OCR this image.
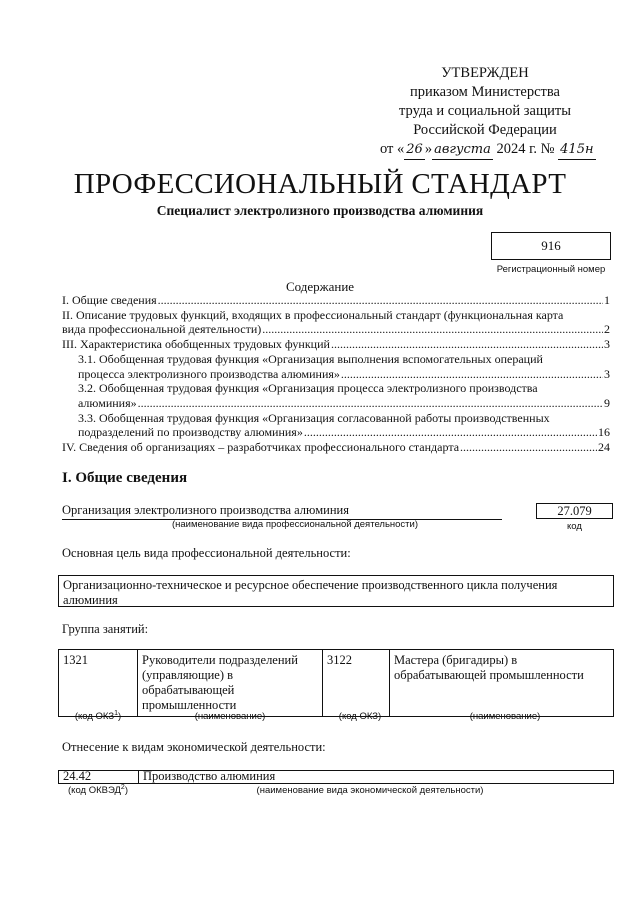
УТВЕРЖДЕН
приказом Министерства
труда и социальной защиты
Российской Федерации
от « 26 » августа 2024 г. № 415н
ПРОФЕССИОНАЛЬНЫЙ СТАНДАРТ
Специалист электролизного производства алюминия
916
Регистрационный номер
Содержание
I. Общие сведения .....	1
II. Описание трудовых функций, входящих в профессиональный стандарт (функциональная карта
вида профессиональной деятельности) .....	2
III. Характеристика обобщенных трудовых функций .....	3
3.1. Обобщенная трудовая функция «Организация выполнения вспомогательных операций
процесса электролизного производства алюминия» .....	3
3.2. Обобщенная трудовая функция «Организация процесса электролизного производства
алюминия» .....	9
3.3. Обобщенная трудовая функция «Организация согласованной работы производственных
подразделений по производству алюминия» .....	16
IV. Сведения об организациях – разработчиках профессионального стандарта .....	24
I. Общие сведения
Организация электролизного производства алюминия
(наименование вида профессиональной деятельности)
27.079
код
Основная цель вида профессиональной деятельности:
Организационно-техническое и ресурсное обеспечение производственного цикла получения алюминия
Группа занятий:
1321	Руководители подразделений (управляющие) в обрабатывающей промышленности	3122	Мастера (бригадиры) в обрабатывающей промышленности
(код ОКЗ$^1$)	(наименование)	(код ОКЗ)	(наименование)
Отнесение к видам экономической деятельности:
24.42	Производство алюминия
(код ОКВЭД$^2$)	(наименование вида экономической деятельности)
